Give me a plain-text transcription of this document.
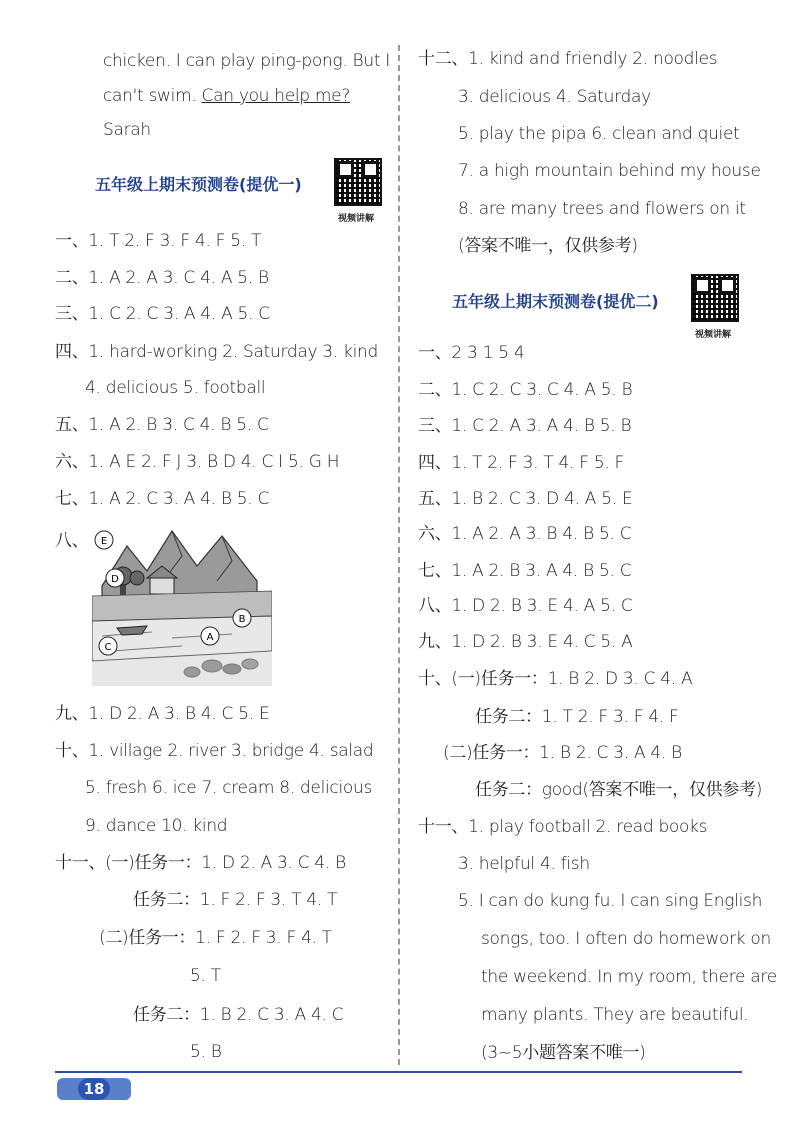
chicken. I can play ping-pong. But I
can't swim. Can you help me?
Sarah
五年级上期末预测卷(提优一)
视频讲解
一、1. T 2. F 3. F 4. F 5. T
二、1. A 2. A 3. C 4. A 5. B
三、1. C 2. C 3. A 4. A 5. C
四、1. hard-working 2. Saturday 3. kind
4. delicious 5. football
五、1. A 2. B 3. C 4. B 5. C
六、1. A E 2. F J 3. B D 4. C I 5. G H
七、1. A 2. C 3. A 4. B 5. C
八、
九、1. D 2. A 3. B 4. C 5. E
十、1. village 2. river 3. bridge 4. salad
5. fresh 6. ice 7. cream 8. delicious
9. dance 10. kind
十一、(一)任务一：1. D 2. A 3. C 4. B
任务二：1. F 2. F 3. T 4. T
(二)任务一：1. F 2. F 3. F 4. T
5. T
任务二：1. B 2. C 3. A 4. C
5. B
E
D
B
A
C
十二、1. kind and friendly 2. noodles
3. delicious 4. Saturday
5. play the pipa 6. clean and quiet
7. a high mountain behind my house
8. are many trees and flowers on it
(答案不唯一，仅供参考)
五年级上期末预测卷(提优二)
视频讲解
一、2 3 1 5 4
二、1. C 2. C 3. C 4. A 5. B
三、1. C 2. A 3. A 4. B 5. B
四、1. T 2. F 3. T 4. F 5. F
五、1. B 2. C 3. D 4. A 5. E
六、1. A 2. A 3. B 4. B 5. C
七、1. A 2. B 3. A 4. B 5. C
八、1. D 2. B 3. E 4. A 5. C
九、1. D 2. B 3. E 4. C 5. A
十、(一)任务一：1. B 2. D 3. C 4. A
任务二：1. T 2. F 3. F 4. F
(二)任务一：1. B 2. C 3. A 4. B
任务二：good(答案不唯一，仅供参考)
十一、1. play football 2. read books
3. helpful 4. fish
5. I can do kung fu. I can sing English
songs, too. I often do homework on
the weekend. In my room, there are
many plants. They are beautiful.
(3~5小题答案不唯一)
18
